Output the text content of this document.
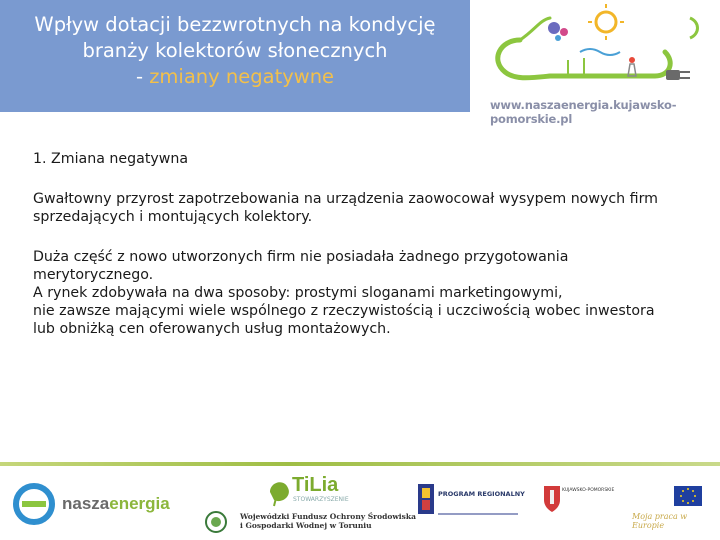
Wpływ dotacji bezzwrotnych na kondycję
branży kolektorów słonecznych
- zmiany negatywne
www.naszaenergia.kujawsko-pomorskie.pl

1. Zmiana negatywna

Gwałtowny przyrost zapotrzebowania na urządzenia zaowocował wysypem nowych firm sprzedających i montujących kolektory.

Duża część z nowo utworzonych firm nie posiadała żadnego przygotowania merytorycznego.

A rynek zdobywała na dwa sposoby: prostymi sloganami marketingowymi,

nie zawsze mającymi wiele wspólnego z rzeczywistością i uczciwością wobec inwestora

lub obniżką cen oferowanych usług montażowych.

naszaenergia
TiLia
STOWARZYSZENIE
Wojewódzki Fundusz Ochrony Środowiska
i Gospodarki Wodnej w Toruniu
PROGRAM REGIONALNY	KUJAWSKO-POMORSKIE
Moja praca w Europie
